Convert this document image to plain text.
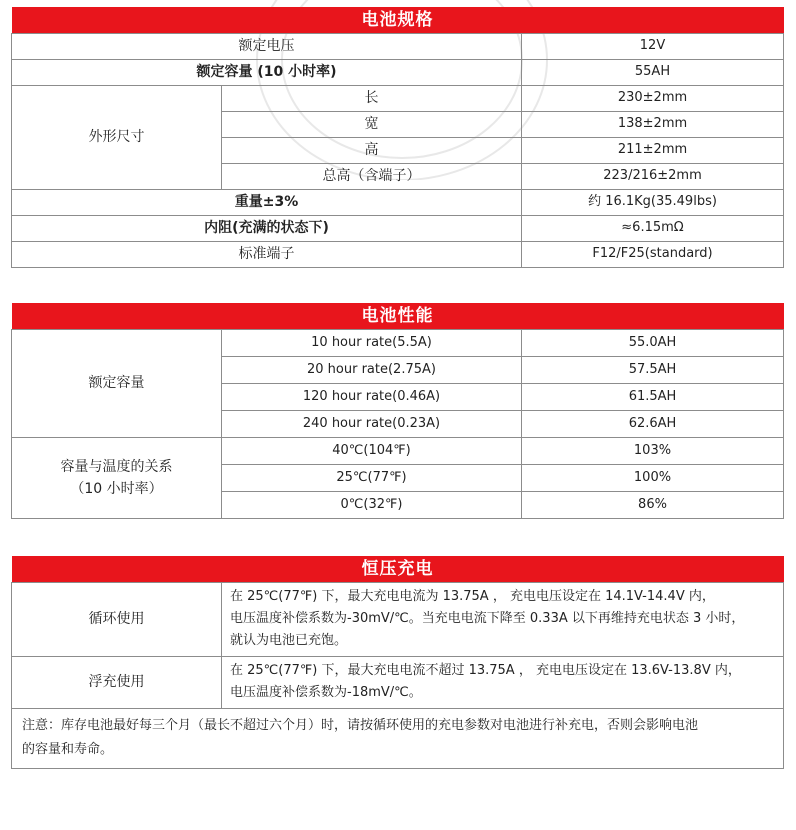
电池规格		
额定电压		12V
额定容量 (10 小时率)		55AH
外形尺寸	长	230±2mm
	宽	138±2mm
	高	211±2mm
	总高（含端子）	223/216±2mm
重量±3%		约 16.1Kg(35.49lbs)
内阻(充满的状态下)		≈6.15mΩ
标准端子		F12/F25(standard)
电池性能		
额定容量	10 hour rate(5.5A)	55.0AH
	20 hour rate(2.75A)	57.5AH
	120 hour rate(0.46A)	61.5AH
	240 hour rate(0.23A)	62.6AH

容量与温度的关系
（10 小时率）	40℃(104℉)	103%
	25℃(77℉)	100%
	0℃(32℉)	86%
恒压充电	
循环使用	在 25℃(77℉) 下，最大充电电流为 13.75A ， 充电电压设定在 14.1V-14.4V 内，
电压温度补偿系数为-30mV/℃。当充电电流下降至 0.33A 以下再维持充电状态 3 小时，
就认为电池已充饱。

浮充使用	在 25℃(77℉) 下，最大充电电流不超过 13.75A ， 充电电压设定在 13.6V-13.8V 内，
电压温度补偿系数为-18mV/℃。

注意：库存电池最好每三个月（最长不超过六个月）时，请按循环使用的充电参数对电池进行补充电，否则会影响电池
的容量和寿命。	
